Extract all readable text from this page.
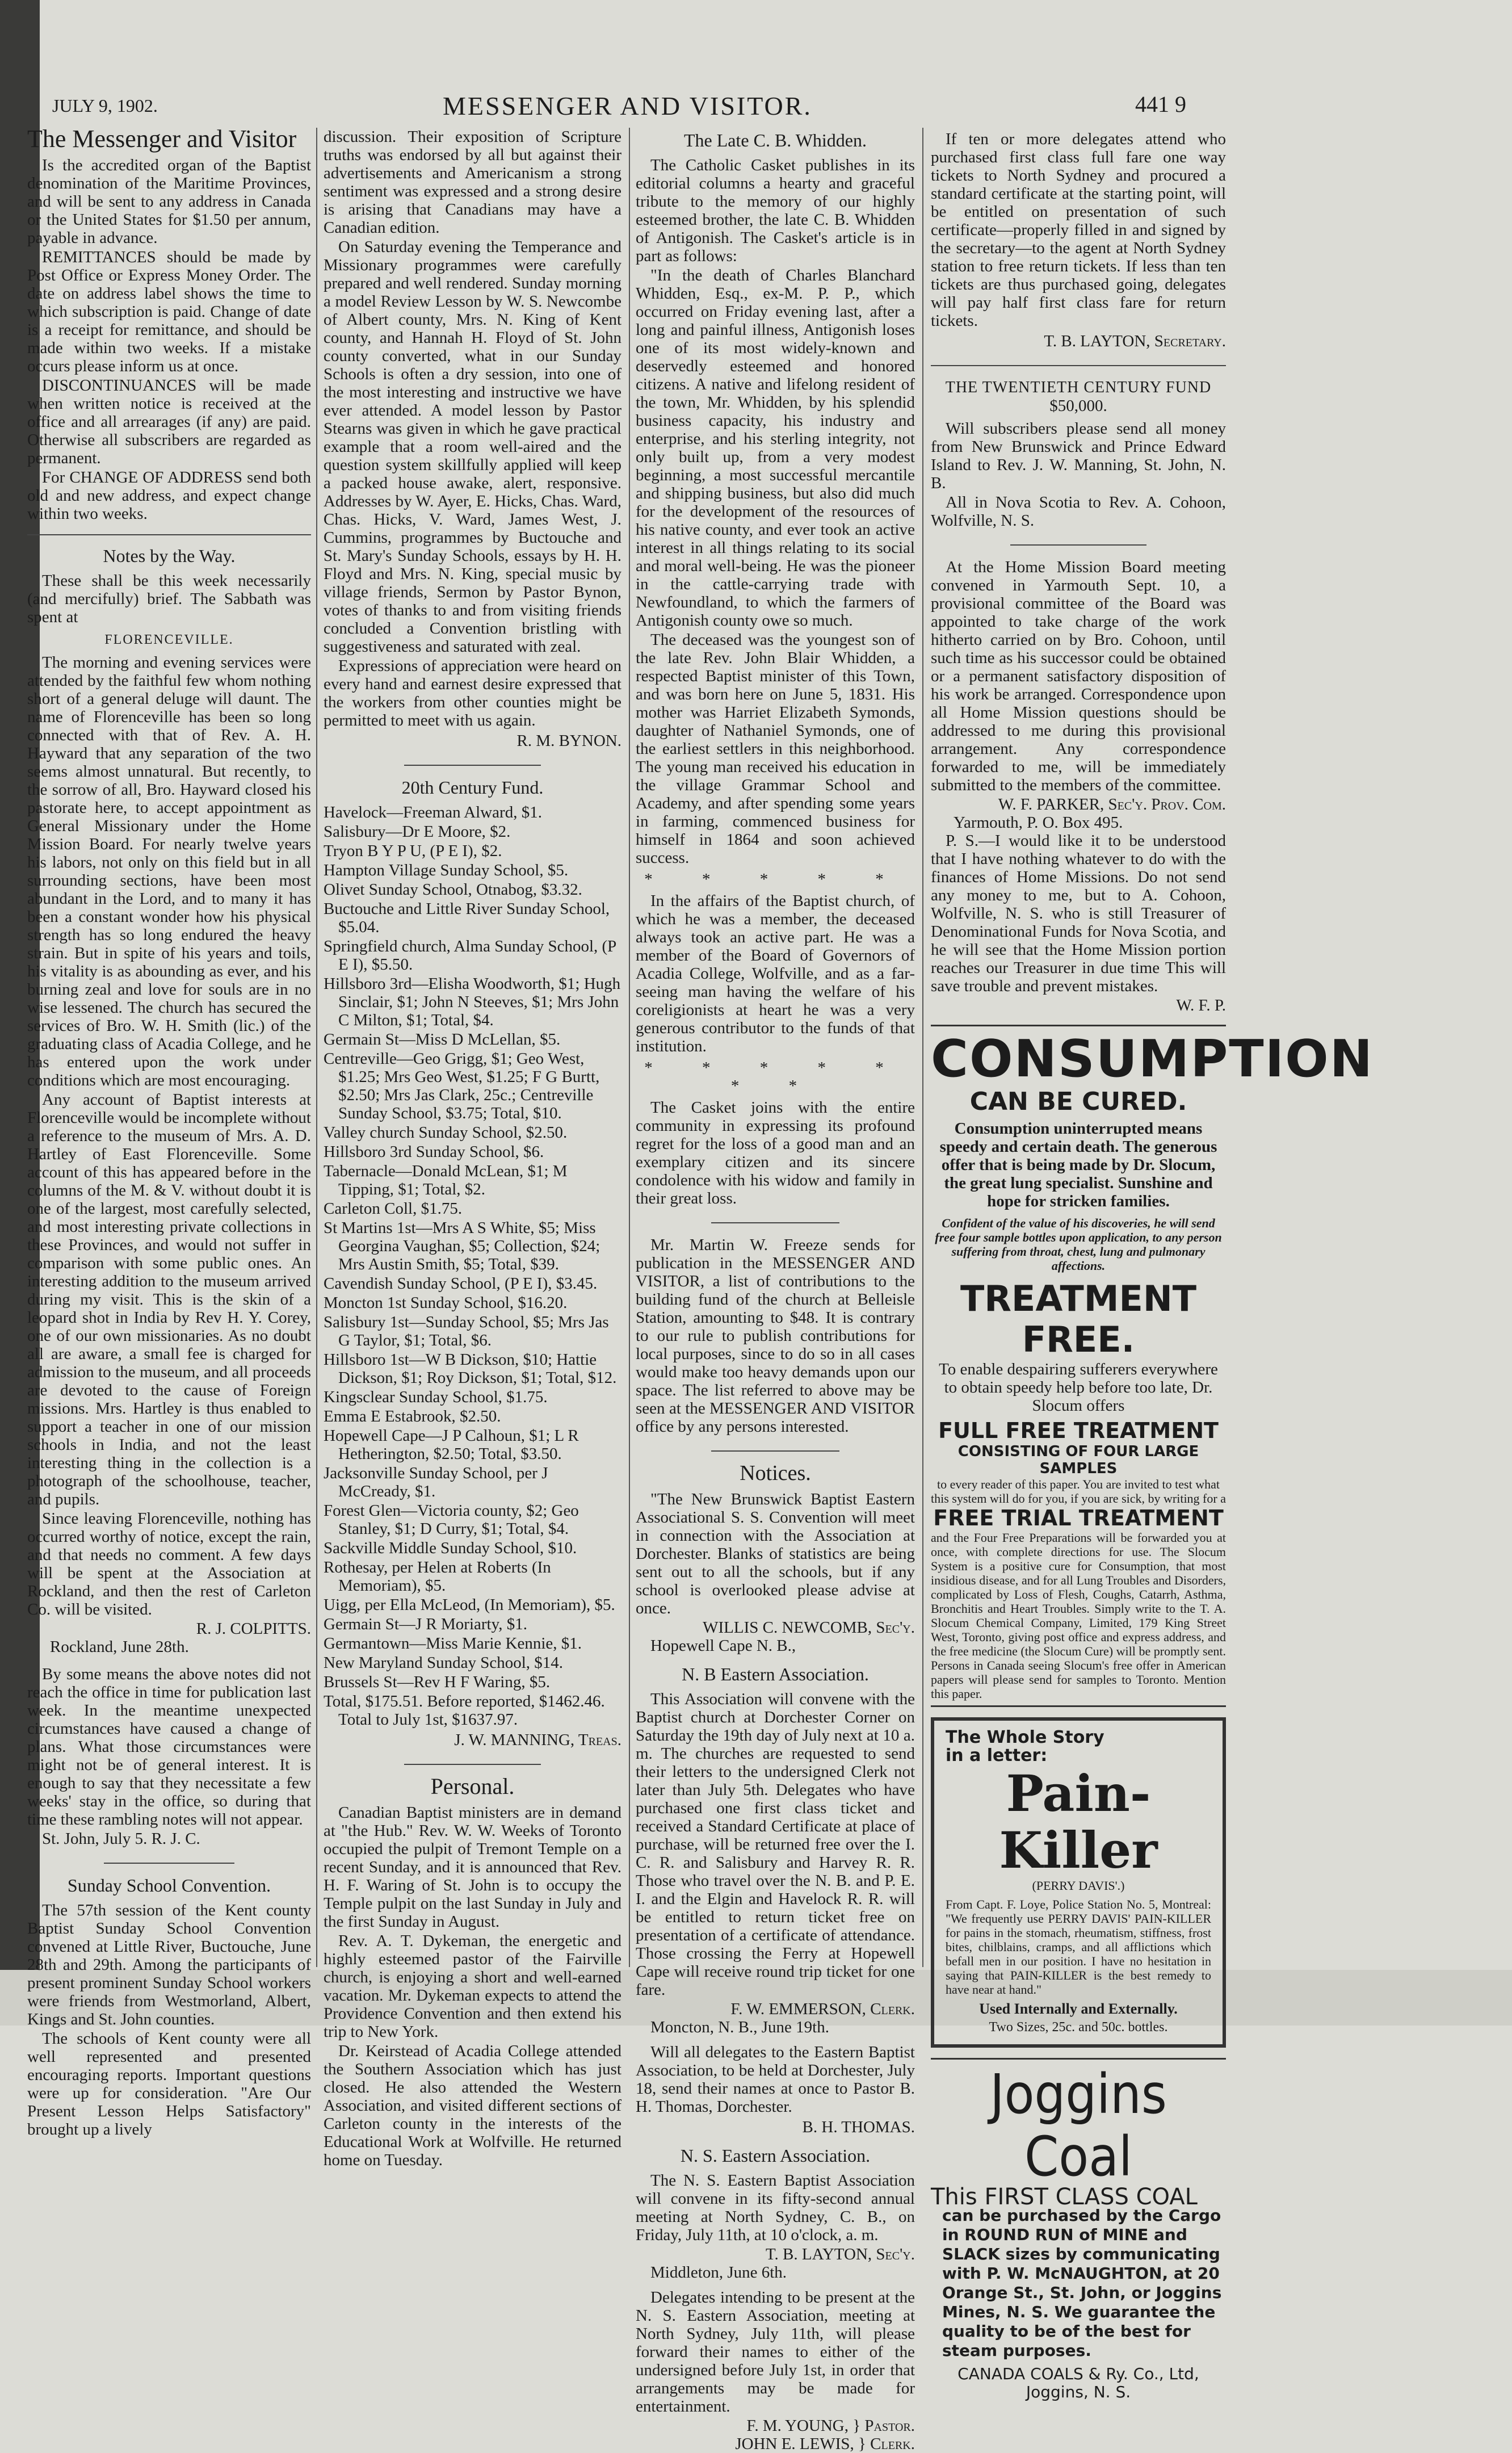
JULY 9, 1902.	MESSENGER AND VISITOR.	441 9
The Messenger and Visitor

Is the accredited organ of the Baptist denomination of the Maritime Provinces, and will be sent to any address in Canada or the United States for $1.50 per annum, payable in advance.

REMITTANCES should be made by Post Office or Express Money Order. The date on address label shows the time to which subscription is paid. Change of date is a receipt for remittance, and should be made within two weeks. If a mistake occurs please inform us at once.

DISCONTINUANCES will be made when written notice is received at the office and all arrearages (if any) are paid. Otherwise all subscribers are regarded as permanent.

For CHANGE OF ADDRESS send both old and new address, and expect change within two weeks.

Notes by the Way.

These shall be this week necessarily (and mercifully) brief. The Sabbath was spent at

FLORENCEVILLE.

The morning and evening services were attended by the faithful few whom nothing short of a general deluge will daunt. The name of Florenceville has been so long connected with that of Rev. A. H. Hayward that any separation of the two seems almost unnatural. But recently, to the sorrow of all, Bro. Hayward closed his pastorate here, to accept appointment as General Missionary under the Home Mission Board. For nearly twelve years his labors, not only on this field but in all surrounding sections, have been most abundant in the Lord, and to many it has been a constant wonder how his physical strength has so long endured the heavy strain. But in spite of his years and toils, his vitality is as abounding as ever, and his burning zeal and love for souls are in no wise lessened. The church has secured the services of Bro. W. H. Smith (lic.) of the graduating class of Acadia College, and he has entered upon the work under conditions which are most encouraging.

Any account of Baptist interests at Florenceville would be incomplete without a reference to the museum of Mrs. A. D. Hartley of East Florenceville. Some account of this has appeared before in the columns of the M. & V. without doubt it is one of the largest, most carefully selected, and most interesting private collections in these Provinces, and would not suffer in comparison with some public ones. An interesting addition to the museum arrived during my visit. This is the skin of a leopard shot in India by Rev H. Y. Corey, one of our own missionaries. As no doubt all are aware, a small fee is charged for admission to the museum, and all proceeds are devoted to the cause of Foreign missions. Mrs. Hartley is thus enabled to support a teacher in one of our mission schools in India, and not the least interesting thing in the collection is a photograph of the schoolhouse, teacher, and pupils.

Since leaving Florenceville, nothing has occurred worthy of notice, except the rain, and that needs no comment. A few days will be spent at the Association at Rockland, and then the rest of Carleton Co. will be visited.

R. J. COLPITTS.
Rockland, June 28th.

By some means the above notes did not reach the office in time for publication last week. In the meantime unexpected circumstances have caused a change of plans. What those circumstances were might not be of general interest. It is enough to say that they necessitate a few weeks' stay in the office, so during that time these rambling notes will not appear.

St. John, July 5. R. J. C.
Sunday School Convention.

The 57th session of the Kent county Baptist Sunday School Convention convened at Little River, Buctouche, June 28th and 29th. Among the participants of present prominent Sunday School workers were friends from Westmorland, Albert, Kings and St. John counties.

The schools of Kent county were all well represented and presented encouraging reports. Important questions were up for consideration. "Are Our Present Lesson Helps Satisfactory" brought up a lively

discussion. Their exposition of Scripture truths was endorsed by all but against their advertisements and Americanism a strong sentiment was expressed and a strong desire is arising that Canadians may have a Canadian edition.

On Saturday evening the Temperance and Missionary programmes were carefully prepared and well rendered. Sunday morning a model Review Lesson by W. S. Newcombe of Albert county, Mrs. N. King of Kent county, and Hannah H. Floyd of St. John county converted, what in our Sunday Schools is often a dry session, into one of the most interesting and instructive we have ever attended. A model lesson by Pastor Stearns was given in which he gave practical example that a room well-aired and the question system skillfully applied will keep a packed house awake, alert, responsive. Addresses by W. Ayer, E. Hicks, Chas. Ward, Chas. Hicks, V. Ward, James West, J. Cummins, programmes by Buctouche and St. Mary's Sunday Schools, essays by H. H. Floyd and Mrs. N. King, special music by village friends, Sermon by Pastor Bynon, votes of thanks to and from visiting friends concluded a Convention bristling with suggestiveness and saturated with zeal.

Expressions of appreciation were heard on every hand and earnest desire expressed that the workers from other counties might be permitted to meet with us again.

R. M. BYNON.
20th Century Fund.

Havelock—Freeman Alward, $1.

Salisbury—Dr E Moore, $2.

Tryon B Y P U, (P E I), $2.

Hampton Village Sunday School, $5.

Olivet Sunday School, Otnabog, $3.32.

Buctouche and Little River Sunday School, $5.04.

Springfield church, Alma Sunday School, (P E I), $5.50.

Hillsboro 3rd—Elisha Woodworth, $1; Hugh Sinclair, $1; John N Steeves, $1; Mrs John C Milton, $1; Total, $4.

Germain St—Miss D McLellan, $5.

Centreville—Geo Grigg, $1; Geo West, $1.25; Mrs Geo West, $1.25; F G Burtt, $2.50; Mrs Jas Clark, 25c.; Centreville Sunday School, $3.75; Total, $10.

Valley church Sunday School, $2.50.

Hillsboro 3rd Sunday School, $6.

Tabernacle—Donald McLean, $1; M Tipping, $1; Total, $2.

Carleton Coll, $1.75.

St Martins 1st—Mrs A S White, $5; Miss Georgina Vaughan, $5; Collection, $24; Mrs Austin Smith, $5; Total, $39.

Cavendish Sunday School, (P E I), $3.45.

Moncton 1st Sunday School, $16.20.

Salisbury 1st—Sunday School, $5; Mrs Jas G Taylor, $1; Total, $6.

Hillsboro 1st—W B Dickson, $10; Hattie Dickson, $1; Roy Dickson, $1; Total, $12.

Kingsclear Sunday School, $1.75.

Emma E Estabrook, $2.50.

Hopewell Cape—J P Calhoun, $1; L R Hetherington, $2.50; Total, $3.50.

Jacksonville Sunday School, per J McCready, $1.

Forest Glen—Victoria county, $2; Geo Stanley, $1; D Curry, $1; Total, $4.

Sackville Middle Sunday School, $10.

Rothesay, per Helen at Roberts (In Memoriam), $5.

Uigg, per Ella McLeod, (In Memoriam), $5.

Germain St—J R Moriarty, $1.

Germantown—Miss Marie Kennie, $1.

New Maryland Sunday School, $14.

Brussels St—Rev H F Waring, $5.

Total, $175.51. Before reported, $1462.46. Total to July 1st, $1637.97.

J. W. MANNING, Treas.
Personal.

Canadian Baptist ministers are in demand at "the Hub." Rev. W. W. Weeks of Toronto occupied the pulpit of Tremont Temple on a recent Sunday, and it is announced that Rev. H. F. Waring of St. John is to occupy the Temple pulpit on the last Sunday in July and the first Sunday in August.

Rev. A. T. Dykeman, the energetic and highly esteemed pastor of the Fairville church, is enjoying a short and well-earned vacation. Mr. Dykeman expects to attend the Providence Convention and then extend his trip to New York.

Dr. Keirstead of Acadia College attended the Southern Association which has just closed. He also attended the Western Association, and visited different sections of Carleton county in the interests of the Educational Work at Wolfville. He returned home on Tuesday.

The Late C. B. Whidden.

The Catholic Casket publishes in its editorial columns a hearty and graceful tribute to the memory of our highly esteemed brother, the late C. B. Whidden of Antigonish. The Casket's article is in part as follows:

"In the death of Charles Blanchard Whidden, Esq., ex-M. P. P., which occurred on Friday evening last, after a long and painful illness, Antigonish loses one of its most widely-known and deservedly esteemed and honored citizens. A native and lifelong resident of the town, Mr. Whidden, by his splendid business capacity, his industry and enterprise, and his sterling integrity, not only built up, from a very modest beginning, a most successful mercantile and shipping business, but also did much for the development of the resources of his native county, and ever took an active interest in all things relating to its social and moral well-being. He was the pioneer in the cattle-carrying trade with Newfoundland, to which the farmers of Antigonish county owe so much.

The deceased was the youngest son of the late Rev. John Blair Whidden, a respected Baptist minister of this Town, and was born here on June 5, 1831. His mother was Harriet Elizabeth Symonds, daughter of Nathaniel Symonds, one of the earliest settlers in this neighborhood. The young man received his education in the village Grammar School and Academy, and after spending some years in farming, commenced business for himself in 1864 and soon achieved success.

* * * * *

In the affairs of the Baptist church, of which he was a member, the deceased always took an active part. He was a member of the Board of Governors of Acadia College, Wolfville, and as a far-seeing man having the welfare of his coreligionists at heart he was a very generous contributor to the funds of that institution.

* * * * * * *

The Casket joins with the entire community in expressing its profound regret for the loss of a good man and an exemplary citizen and its sincere condolence with his widow and family in their great loss.

Mr. Martin W. Freeze sends for publication in the MESSENGER AND VISITOR, a list of contributions to the building fund of the church at Belleisle Station, amounting to $48. It is contrary to our rule to publish contributions for local purposes, since to do so in all cases would make too heavy demands upon our space. The list referred to above may be seen at the MESSENGER AND VISITOR office by any persons interested.

Notices.

"The New Brunswick Baptist Eastern Associational S. S. Convention will meet in connection with the Association at Dorchester. Blanks of statistics are being sent out to all the schools, but if any school is overlooked please advise at once.

WILLIS C. NEWCOMB, Sec'y.
Hopewell Cape N. B.,
N. B Eastern Association.

This Association will convene with the Baptist church at Dorchester Corner on Saturday the 19th day of July next at 10 a. m. The churches are requested to send their letters to the undersigned Clerk not later than July 5th. Delegates who have purchased one first class ticket and received a Standard Certificate at place of purchase, will be returned free over the I. C. R. and Salisbury and Harvey R. R. Those who travel over the N. B. and P. E. I. and the Elgin and Havelock R. R. will be entitled to return ticket free on presentation of a certificate of attendance. Those crossing the Ferry at Hopewell Cape will receive round trip ticket for one fare.

F. W. EMMERSON, Clerk.
Moncton, N. B., June 19th.

Will all delegates to the Eastern Baptist Association, to be held at Dorchester, July 18, send their names at once to Pastor B. H. Thomas, Dorchester.

B. H. THOMAS.
N. S. Eastern Association.

The N. S. Eastern Baptist Association will convene in its fifty-second annual meeting at North Sydney, C. B., on Friday, July 11th, at 10 o'clock, a. m.

T. B. LAYTON, Sec'y.
Middleton, June 6th.

Delegates intending to be present at the N. S. Eastern Association, meeting at North Sydney, July 11th, will please forward their names to either of the undersigned before July 1st, in order that arrangements may be made for entertainment.

F. M. YOUNG, } Pastor.
JOHN E. LEWIS, } Clerk.

If ten or more delegates attend who purchased first class full fare one way tickets to North Sydney and procured a standard certificate at the starting point, will be entitled on presentation of such certificate—properly filled in and signed by the secretary—to the agent at North Sydney station to free return tickets. If less than ten tickets are thus purchased going, delegates will pay half first class fare for return tickets.

T. B. LAYTON, Secretary.
THE TWENTIETH CENTURY FUND
$50,000.

Will subscribers please send all money from New Brunswick and Prince Edward Island to Rev. J. W. Manning, St. John, N. B.

All in Nova Scotia to Rev. A. Cohoon, Wolfville, N. S.

At the Home Mission Board meeting convened in Yarmouth Sept. 10, a provisional committee of the Board was appointed to take charge of the work hitherto carried on by Bro. Cohoon, until such time as his successor could be obtained or a permanent satisfactory disposition of his work be arranged. Correspondence upon all Home Mission questions should be addressed to me during this provisional arrangement. Any correspondence forwarded to me, will be immediately submitted to the members of the committee.

W. F. PARKER, Sec'y. Prov. Com.
Yarmouth, P. O. Box 495.

P. S.—I would like it to be understood that I have nothing whatever to do with the finances of Home Missions. Do not send any money to me, but to A. Cohoon, Wolfville, N. S. who is still Treasurer of Denominational Funds for Nova Scotia, and he will see that the Home Mission portion reaches our Treasurer in due time This will save trouble and prevent mistakes.

W. F. P.
CONSUMPTION
CAN BE CURED.
Consumption uninterrupted means speedy and certain death. The generous offer that is being made by Dr. Slocum, the great lung specialist. Sunshine and hope for stricken families.
Confident of the value of his discoveries, he will send free four sample bottles upon application, to any person suffering from throat, chest, lung and pulmonary affections.
TREATMENT FREE.
To enable despairing sufferers everywhere to obtain speedy help before too late, Dr. Slocum offers
FULL FREE TREATMENT
CONSISTING OF FOUR LARGE SAMPLES
to every reader of this paper. You are invited to test what this system will do for you, if you are sick, by writing for a
FREE TRIAL TREATMENT
and the Four Free Preparations will be forwarded you at once, with complete directions for use. The Slocum System is a positive cure for Consumption, that most insidious disease, and for all Lung Troubles and Disorders, complicated by Loss of Flesh, Coughs, Catarrh, Asthma, Bronchitis and Heart Troubles. Simply write to the T. A. Slocum Chemical Company, Limited, 179 King Street West, Toronto, giving post office and express address, and the free medicine (the Slocum Cure) will be promptly sent. Persons in Canada seeing Slocum's free offer in American papers will please send for samples to Toronto. Mention this paper.
The Whole Story
in a letter:
Pain-Killer
(PERRY DAVIS'.)
From Capt. F. Loye, Police Station No. 5, Montreal: "We frequently use PERRY DAVIS' PAIN-KILLER for pains in the stomach, rheumatism, stiffness, frost bites, chilblains, cramps, and all afflictions which befall men in our position. I have no hesitation in saying that PAIN-KILLER is the best remedy to have near at hand."
Used Internally and Externally.
Two Sizes, 25c. and 50c. bottles.
Joggins Coal
This FIRST CLASS COAL
can be purchased by the Cargo in ROUND RUN of MINE and SLACK sizes by communicating with P. W. McNAUGHTON, at 20 Orange St., St. John, or Joggins Mines, N. S. We guarantee the quality to be of the best for steam purposes.
CANADA COALS & Ry. Co., Ltd,
Joggins, N. S.
